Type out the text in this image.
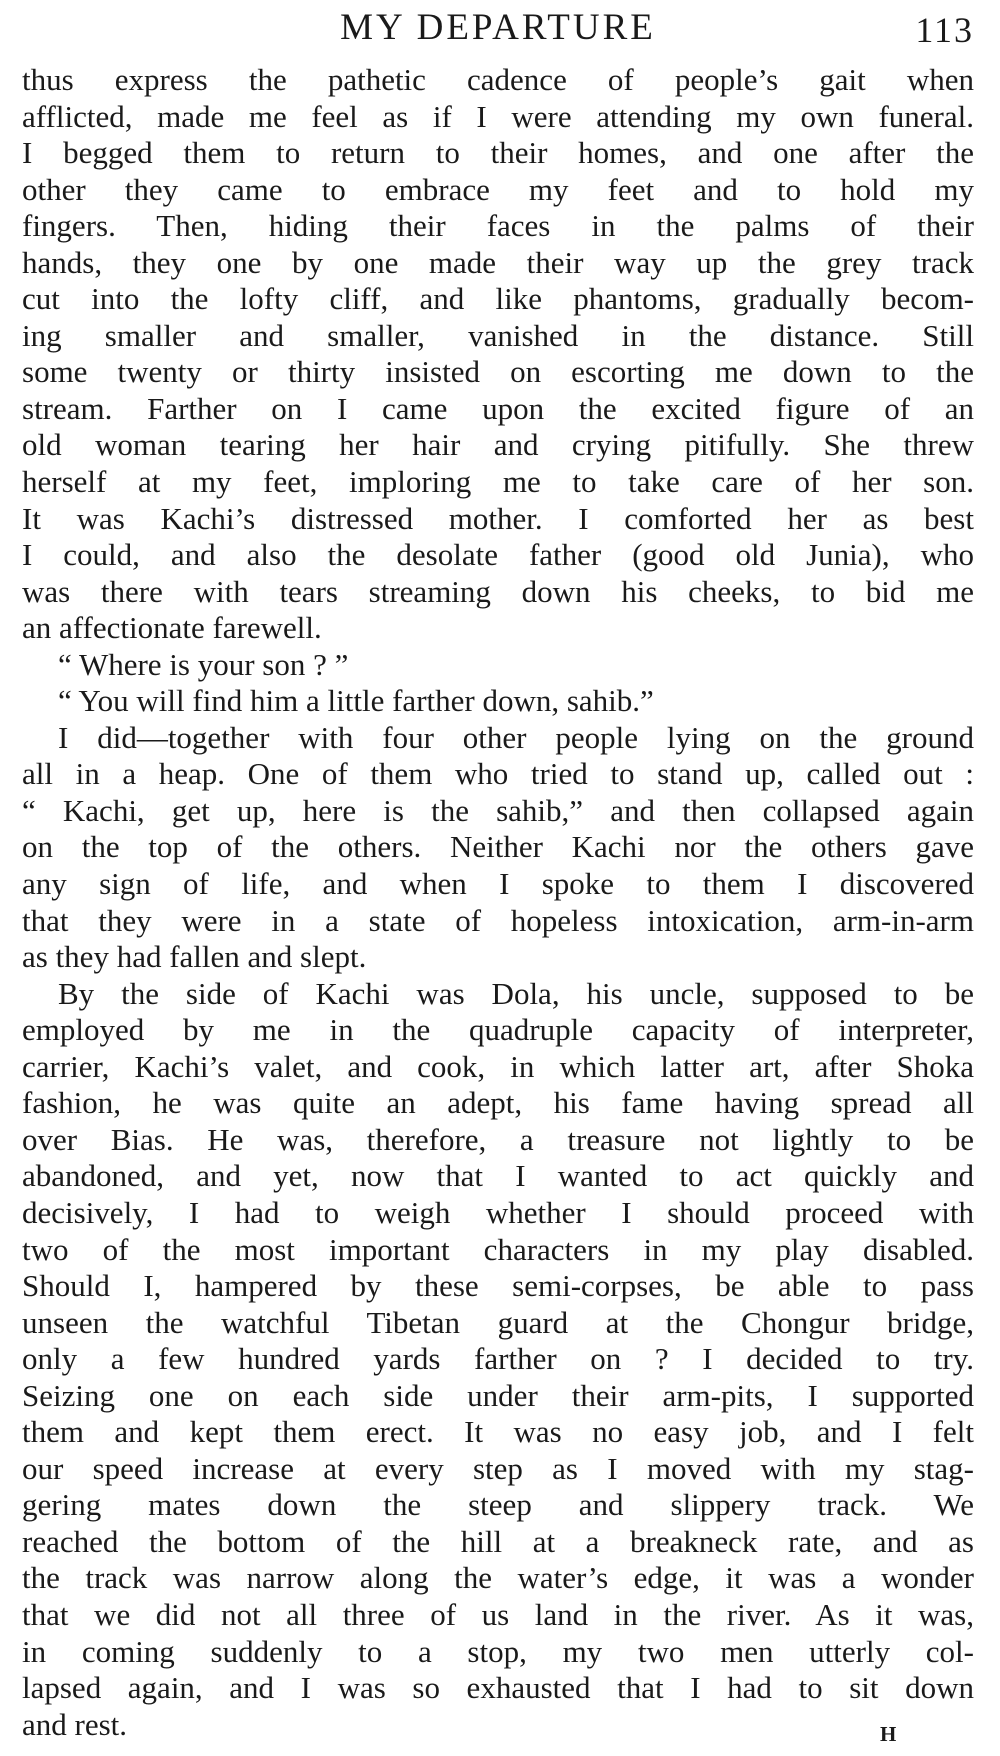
MY DEPARTURE	113
thus express the pathetic cadence of people’s gait when
afflicted, made me feel as if I were attending my own funeral.
I begged them to return to their homes, and one after the
other they came to embrace my feet and to hold my
fingers. Then, hiding their faces in the palms of their
hands, they one by one made their way up the grey track
cut into the lofty cliff, and like phantoms, gradually becom-
ing smaller and smaller, vanished in the distance. Still
some twenty or thirty insisted on escorting me down to the
stream. Farther on I came upon the excited figure of an
old woman tearing her hair and crying pitifully. She threw
herself at my feet, imploring me to take care of her son.
It was Kachi’s distressed mother. I comforted her as best
I could, and also the desolate father (good old Junia), who
was there with tears streaming down his cheeks, to bid me
an affectionate farewell.
“ Where is your son ? ”
“ You will find him a little farther down, sahib.”
I did—together with four other people lying on the ground
all in a heap. One of them who tried to stand up, called out :
“ Kachi, get up, here is the sahib,” and then collapsed again
on the top of the others. Neither Kachi nor the others gave
any sign of life, and when I spoke to them I discovered
that they were in a state of hopeless intoxication, arm-in-arm
as they had fallen and slept.
By the side of Kachi was Dola, his uncle, supposed to be
employed by me in the quadruple capacity of interpreter,
carrier, Kachi’s valet, and cook, in which latter art, after Shoka
fashion, he was quite an adept, his fame having spread all
over Bias. He was, therefore, a treasure not lightly to be
abandoned, and yet, now that I wanted to act quickly and
decisively, I had to weigh whether I should proceed with
two of the most important characters in my play disabled.
Should I, hampered by these semi-corpses, be able to pass
unseen the watchful Tibetan guard at the Chongur bridge,
only a few hundred yards farther on ? I decided to try.
Seizing one on each side under their arm-pits, I supported
them and kept them erect. It was no easy job, and I felt
our speed increase at every step as I moved with my stag-
gering mates down the steep and slippery track. We
reached the bottom of the hill at a breakneck rate, and as
the track was narrow along the water’s edge, it was a wonder
that we did not all three of us land in the river. As it was,
in coming suddenly to a stop, my two men utterly col-
lapsed again, and I was so exhausted that I had to sit down
and rest.	H
